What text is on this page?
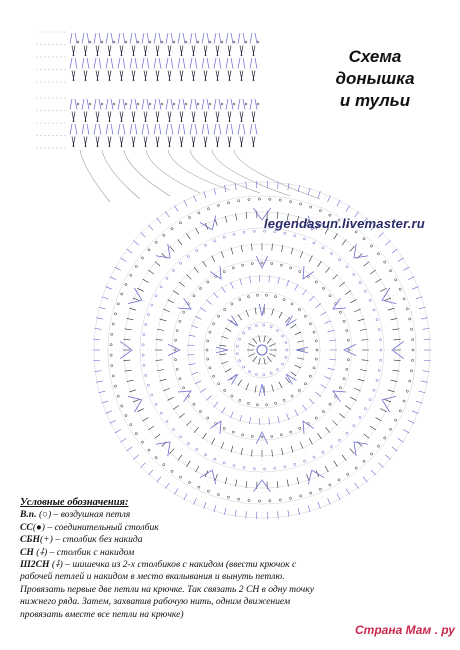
Схема
донышка
и тульи
legendasun.livemaster.ru
Условные обозначения:
В.п. (○) – воздушная петля
СС(●) – соединительный столбик
СБН(+) – столбик без накида
СН (⸸) – столбик с накидом
Ш2СН (⸸) – шишечка из 2-х столбиков с накидом (ввести крючок с рабочей петлей и накидом в место вкалывания и вынуть петлю. Провязать первые две петли на крючке. Так связать 2 СН в одну точку нижнего ряда. Затем, захватив рабочую нить, одним движением провязать вместе все петли на крючке)
Страна Мам . ру
